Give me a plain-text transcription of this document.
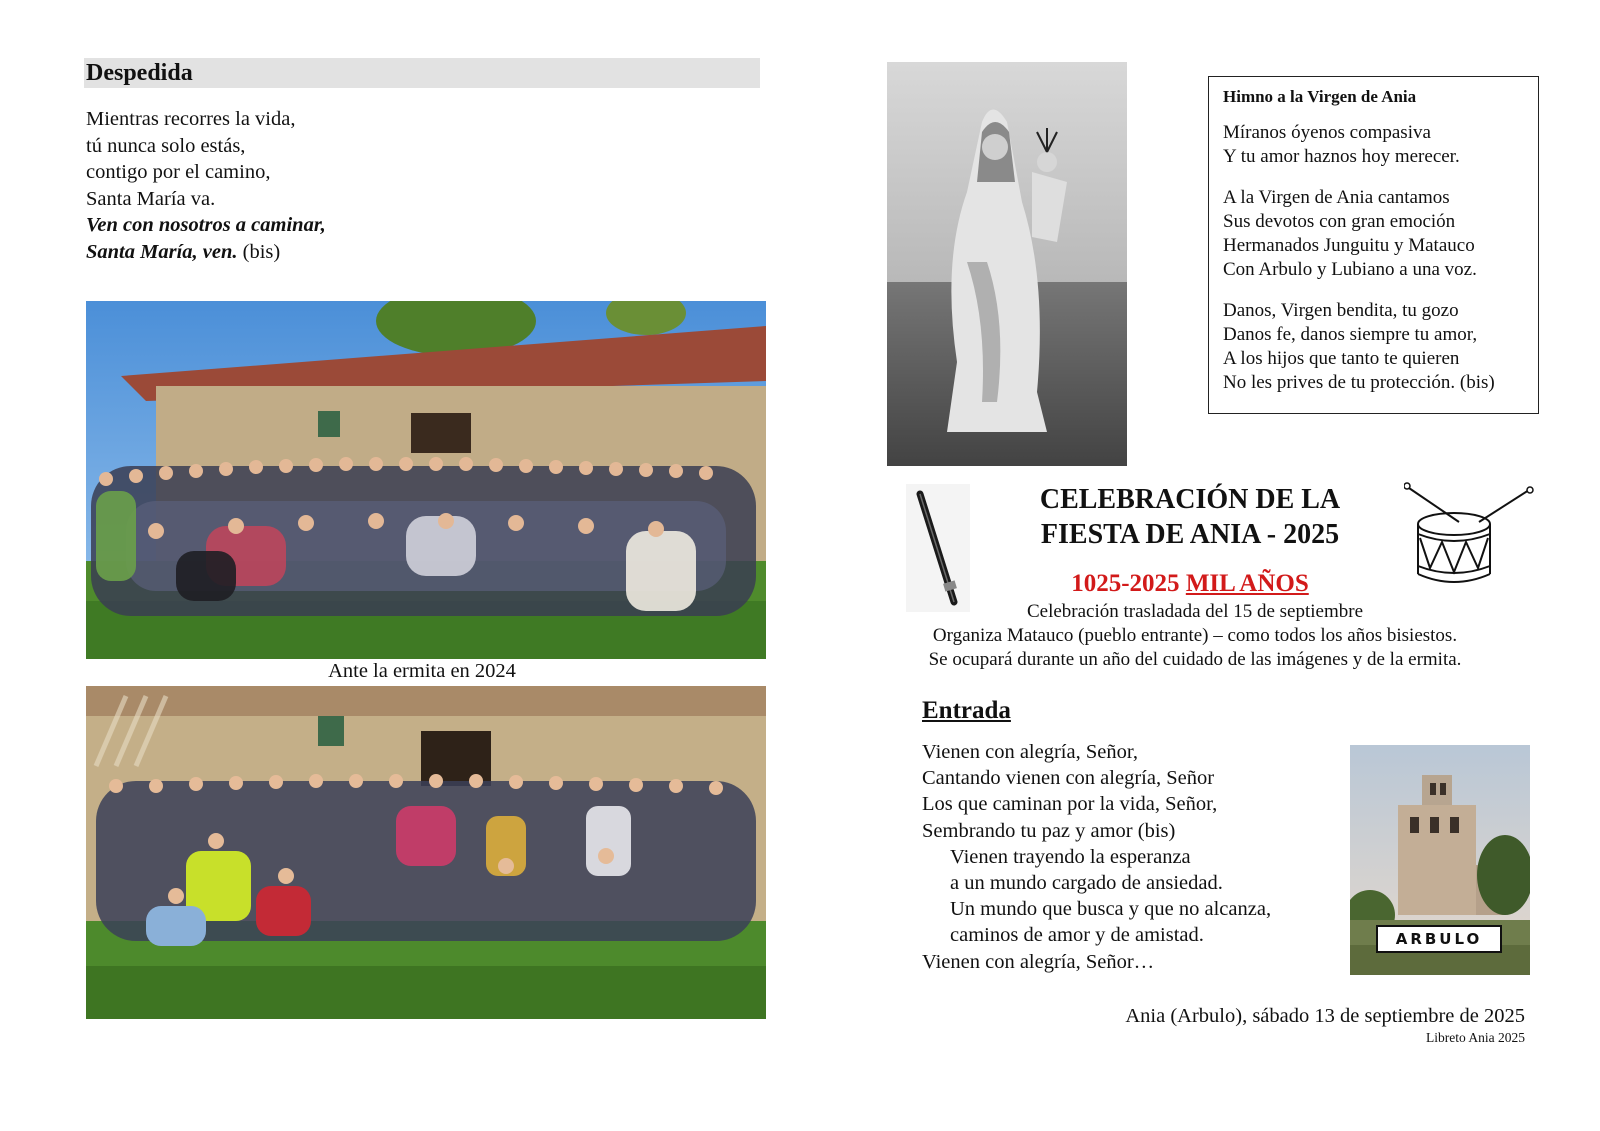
Despedida
Mientras recorres la vida,
tú nunca solo estás,
contigo por el camino,
Santa María va.
Ven con nosotros a caminar,
Santa María, ven. (bis)
Ante la ermita en 2024
Himno a la Virgen de Ania
Míranos óyenos compasiva
Y tu amor haznos hoy merecer.
A la Virgen de Ania cantamos
Sus devotos con gran emoción
Hermanados Junguitu y Matauco
Con Arbulo y Lubiano a una voz.
Danos, Virgen bendita, tu gozo
Danos fe, danos siempre tu amor,
A los hijos que tanto te quieren
No les prives de tu protección. (bis)
CELEBRACIÓN DE LA
FIESTA DE ANIA - 2025
1025-2025 MIL AÑOS
Celebración trasladada del 15 de septiembre
Organiza Matauco (pueblo entrante) – como todos los años bisiestos.
Se ocupará durante un año del cuidado de las imágenes y de la ermita.
Entrada
Vienen con alegría, Señor,
Cantando vienen con alegría, Señor
Los que caminan por la vida, Señor,
Sembrando tu paz y amor (bis)
Vienen trayendo la esperanza
a un mundo cargado de ansiedad.
Un mundo que busca y que no alcanza,
caminos de amor y de amistad.
Vienen con alegría, Señor…
ARBULO
Ania (Arbulo), sábado 13 de septiembre de 2025
Libreto Ania 2025
